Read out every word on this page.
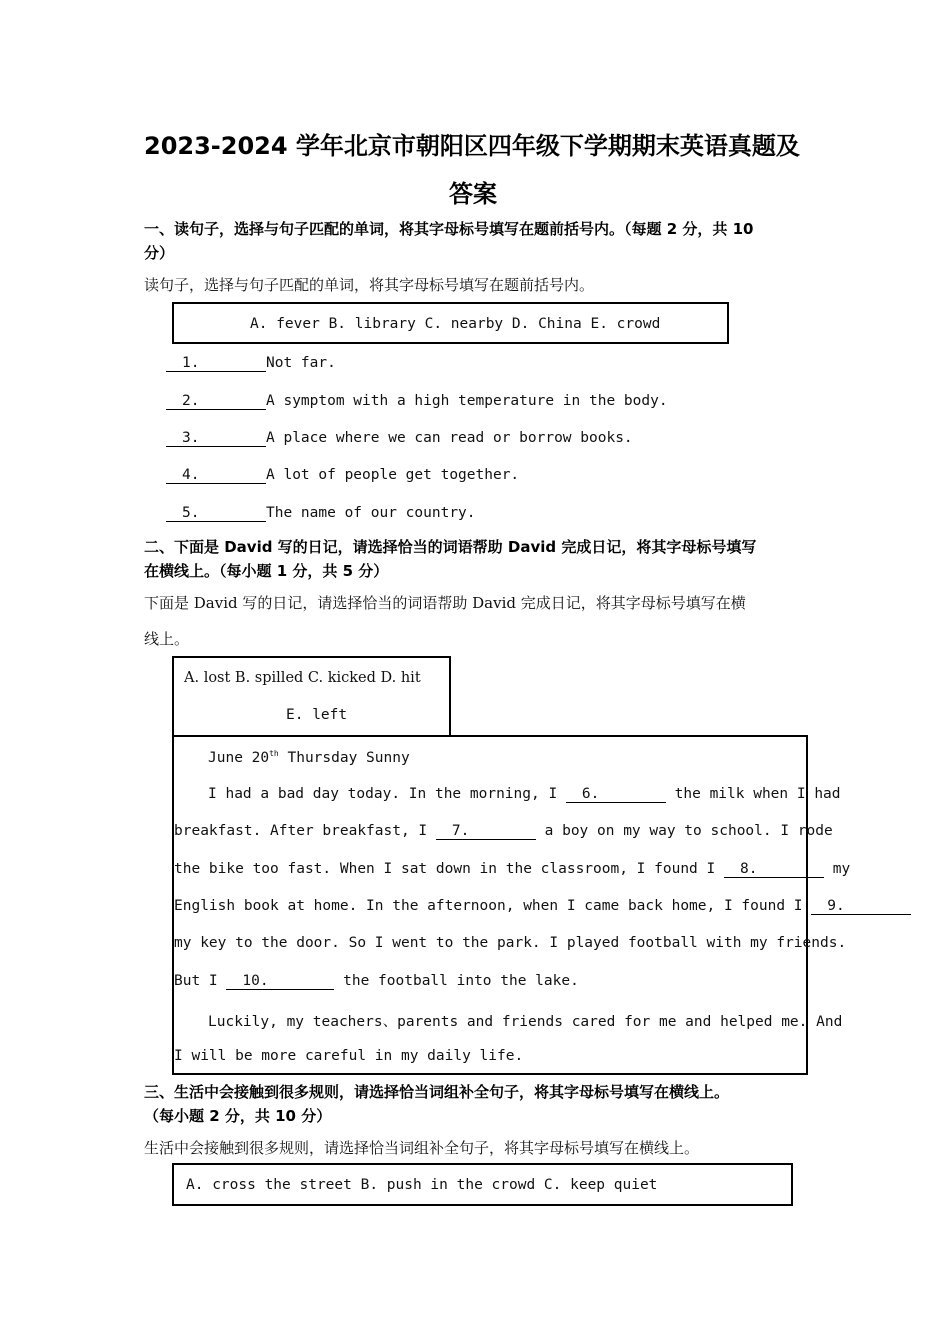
2023-2024 学年北京市朝阳区四年级下学期期末英语真题及
答案
一、读句子，选择与句子匹配的单词，将其字母标号填写在题前括号内。（每题 2 分，共 10
分）
读句子，选择与句子匹配的单词，将其字母标号填写在题前括号内。
A. fever B. library C. nearby D. China E. crowd
1.	Not far.
2.	A symptom with a high temperature in the body.
3.	A place where we can read or borrow books.
4.	A lot of people get together.
5.	The name of our country.
二、下面是 David 写的日记，请选择恰当的词语帮助 David 完成日记，将其字母标号填写
在横线上。（每小题 1 分，共 5 分）
下面是 David 写的日记，请选择恰当的词语帮助 David 完成日记，将其字母标号填写在横
线上。
A. lost B. spilled C. kicked D. hit
E. left
June 20th Thursday Sunny
I had a bad day today. In the morning, I 6.	the milk when I had
breakfast. After breakfast, I 7.	a boy on my way to school. I rode
the bike too fast. When I sat down in the classroom, I found I 8.	my
English book at home. In the afternoon, when I came back home, I found I 9.
my key to the door. So I went to the park. I played football with my friends.
But I 10.	the football into the lake.
Luckily, my teachers、parents and friends cared for me and helped me. And
I will be more careful in my daily life.
三、生活中会接触到很多规则，请选择恰当词组补全句子，将其字母标号填写在横线上。
（每小题 2 分，共 10 分）
生活中会接触到很多规则，请选择恰当词组补全句子，将其字母标号填写在横线上。
A. cross the street B. push in the crowd C. keep quiet
